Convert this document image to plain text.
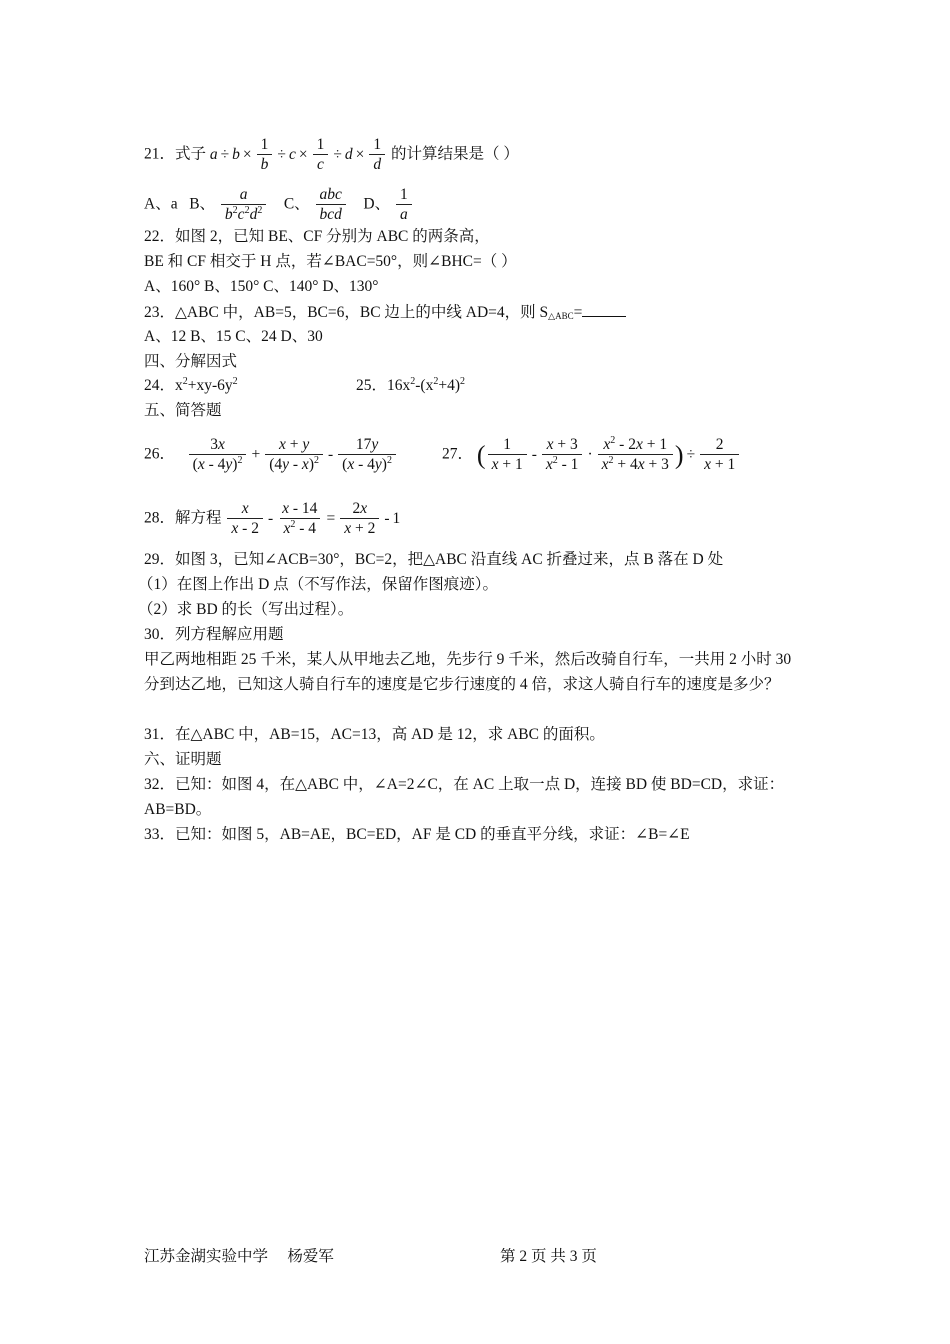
21．式子 $a \div b \times \frac{1}{b} \div c \times \frac{1}{c} \div d \times \frac{1}{d}$ 的计算结果是（ ）
A、a B、 $\frac{a}{b^2c^2d^2}$ C、 $\frac{\text{abc}}{\text{bcd}}$ D、 $\frac{1}{a}$
22．如图 2，已知 BE、CF 分别为 ABC 的两条高，
BE 和 CF 相交于 H 点，若∠BAC=50°，则∠BHC=（ ）
A、160° B、150° C、140° D、130°
23．△ABC 中，AB=5，BC=6，BC 边上的中线 AD=4，则 $S_{\triangle ABC}=$
A、12 B、15 C、24 D、30
四、分解因式
24．$x^2+xy-6y^2$	25．$16x^2-(x^2+4)^2$
五、简答题
26． $\frac{3x}{(x - 4y)^2} + \frac{x + y}{(4y - x)^2} - \frac{17y}{(x - 4y)^2}$	27． ( $\frac{1}{x + 1} - \frac{x + 3}{x^2 - 1} \cdot \frac{x^2 - 2x + 1}{x^2 + 4x + 3}$ ) ÷ $\frac{2}{x + 1}$
28．解方程 $\frac{x}{x - 2} - \frac{x - 14}{x^2 - 4} = \frac{2x}{x + 2} - 1$
29．如图 3，已知∠ACB=30°，BC=2，把△ABC 沿直线 AC 折叠过来，点 B 落在 D 处
（1）在图上作出 D 点（不写作法，保留作图痕迹）。
（2）求 BD 的长（写出过程）。
30．列方程解应用题
甲乙两地相距 25 千米，某人从甲地去乙地，先步行 9 千米，然后改骑自行车，一共用 2 小时 30 分到达乙地，已知这人骑自行车的速度是它步行速度的 4 倍，求这人骑自行车的速度是多少？
31．在△ABC 中，AB=15，AC=13，高 AD 是 12，求 ABC 的面积。
六、证明题
32．已知：如图 4，在△ABC 中，∠A=2∠C，在 AC 上取一点 D，连接 BD 使 BD=CD，求证：AB=BD。
33．已知：如图 5，AB=AE，BC=ED，AF 是 CD 的垂直平分线，求证：∠B=∠E
江苏金湖实验中学　 杨爱军	第 2 页 共 3 页
